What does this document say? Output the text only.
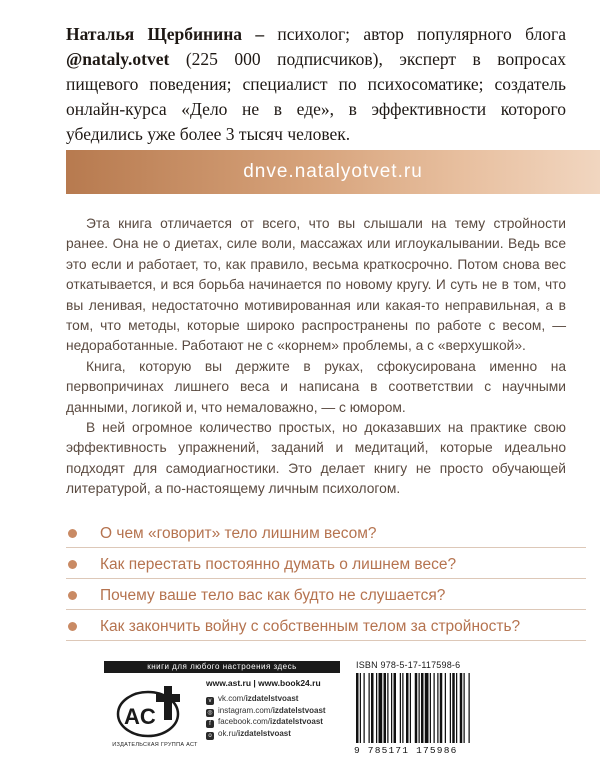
Наталья Щербинина – психолог; автор популярного блога @nataly.otvet (225 000 подписчиков), эксперт в вопросах пищевого поведения; специалист по психосоматике; создатель онлайн-курса «Дело не в еде», в эффективности которого убедились уже более 3 тысяч человек.
dnve.natalyotvet.ru

Эта книга отличается от всего, что вы слышали на тему стройности ранее. Она не о диетах, силе воли, массажах или иглоукалывании. Ведь все это если и работает, то, как правило, весьма краткосрочно. Потом снова вес откатывается, и вся борьба начинается по новому кругу. И суть не в том, что вы ленивая, недостаточно мотивированная или какая-то неправильная, а в том, что методы, которые широко распространены по работе с весом, — недоработанные. Работают не с «корнем» проблемы, а с «верхушкой».

Книга, которую вы держите в руках, сфокусирована именно на первопричинах лишнего веса и написана в соответствии с научными данными, логикой и, что немаловажно, — с юмором.

В ней огромное количество простых, но доказавших на практике свою эффективность упражнений, заданий и медитаций, которые идеально подходят для самодиагностики. Это делает книгу не просто обучающей литературой, а по-настоящему личным психологом.

О чем «говорит» тело лишним весом?
Как перестать постоянно думать о лишнем весе?
Почему ваше тело вас как будто не слушается?
Как закончить войну с собственным телом за стройность?
книги для любого настроения здесь
AC
ИЗДАТЕЛЬСКАЯ ГРУППА АСТ
www.ast.ru | www.book24.ru
v vk.com/izdatelstvoast
◎ instagram.com/izdatelstvoast
f facebook.com/izdatelstvoast
o ok.ru/izdatelstvoast
ISBN 978-5-17-117598-6
9 785171 175986
